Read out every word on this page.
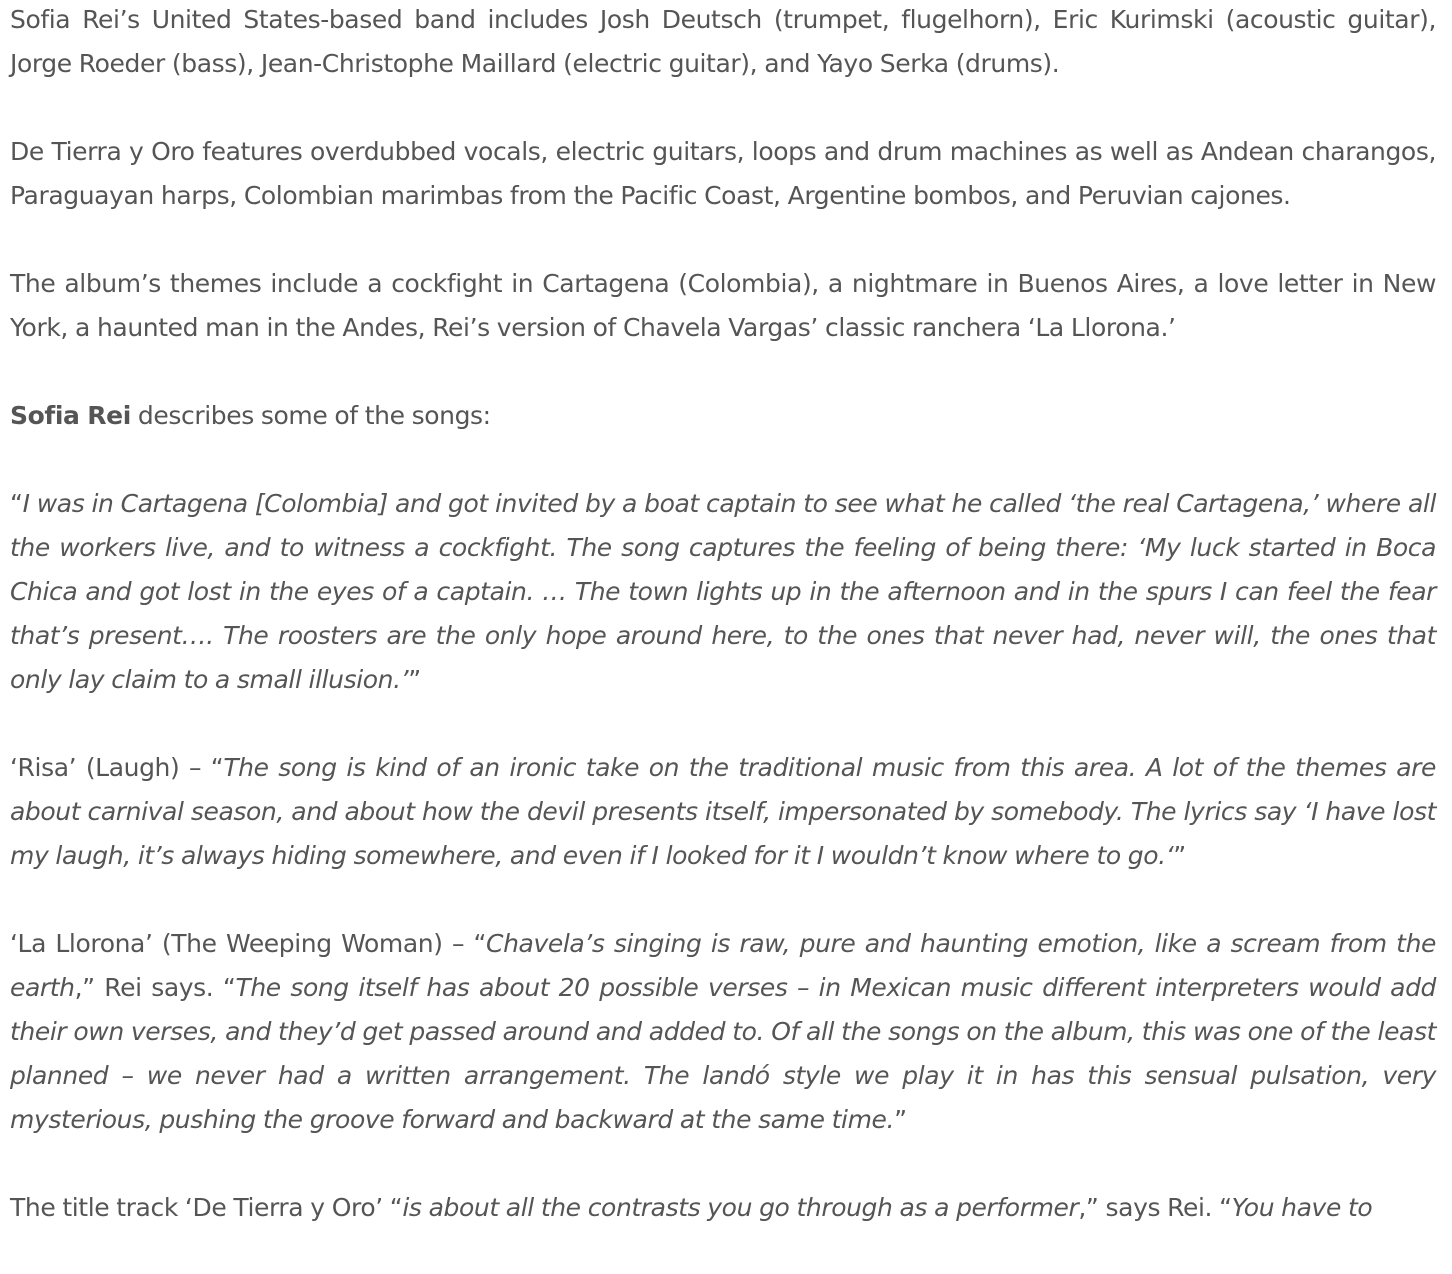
Sofia Rei’s United States-based band includes Josh Deutsch (trumpet, flugelhorn), Eric Kurimski (acoustic guitar), Jorge Roeder (bass), Jean-Christophe Maillard (electric guitar), and Yayo Serka (drums).

De Tierra y Oro features overdubbed vocals, electric guitars, loops and drum machines as well as Andean charangos, Paraguayan harps, Colombian marimbas from the Pacific Coast, Argentine bombos, and Peruvian cajones.

The album’s themes include a cockfight in Cartagena (Colombia), a nightmare in Buenos Aires, a love letter in New York, a haunted man in the Andes, Rei’s version of Chavela Vargas’ classic ranchera ‘La Llorona.’

Sofia Rei describes some of the songs:

“I was in Cartagena [Colombia] and got invited by a boat captain to see what he called ‘the real Cartagena,’ where all the workers live, and to witness a cockfight. The song captures the feeling of being there: ‘My luck started in Boca Chica and got lost in the eyes of a captain. … The town lights up in the afternoon and in the spurs I can feel the fear that’s present…. The roosters are the only hope around here, to the ones that never had, never will, the ones that only lay claim to a small illusion.’”

‘Risa’ (Laugh) – “The song is kind of an ironic take on the traditional music from this area. A lot of the themes are about carnival season, and about how the devil presents itself, impersonated by somebody. The lyrics say ‘I have lost my laugh, it’s always hiding somewhere, and even if I looked for it I wouldn’t know where to go.‘”

‘La Llorona’ (The Weeping Woman) – “Chavela’s singing is raw, pure and haunting emotion, like a scream from the earth,” Rei says. “The song itself has about 20 possible verses – in Mexican music different interpreters would add their own verses, and they’d get passed around and added to. Of all the songs on the album, this was one of the least planned – we never had a written arrangement. The landó style we play it in has this sensual pulsation, very mysterious, pushing the groove forward and backward at the same time.”

The title track ‘De Tierra y Oro’ “is about all the contrasts you go through as a performer,” says Rei. “You have to
